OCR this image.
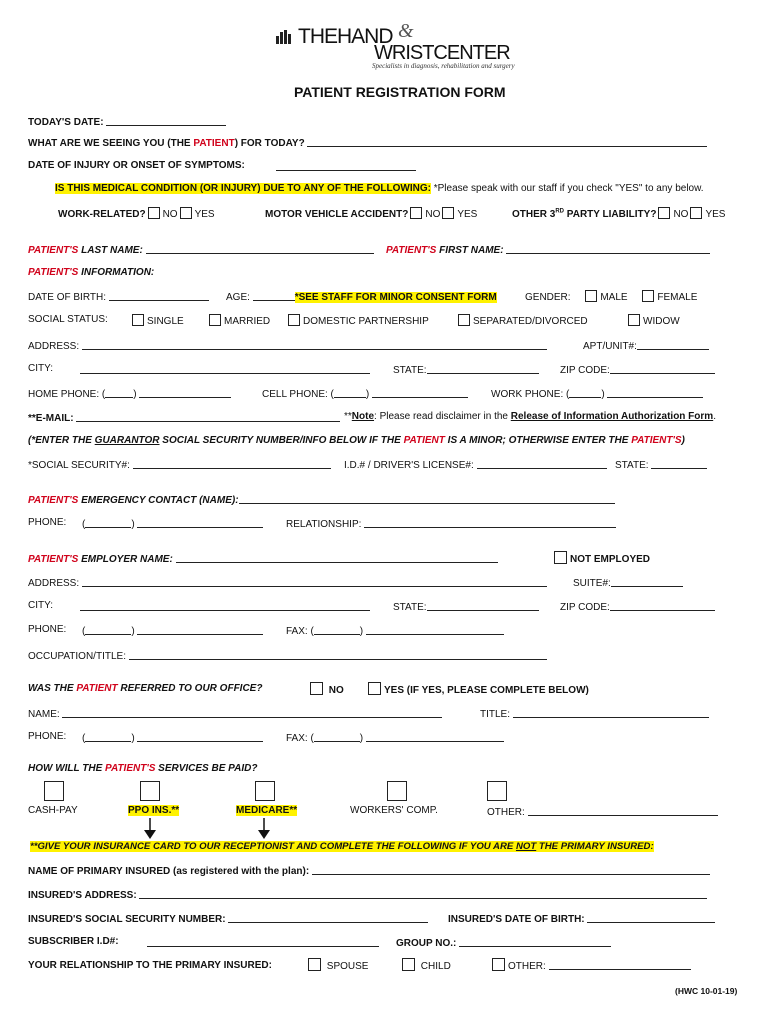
THEHAND &
WRISTCENTER
Specialists in diagnosis, rehabilitation and surgery
PATIENT REGISTRATION FORM
TODAY'S DATE:
WHAT ARE WE SEEING YOU (THE PATIENT) FOR TODAY?
DATE OF INJURY OR ONSET OF SYMPTOMS:
IS THIS MEDICAL CONDITION (OR INJURY) DUE TO ANY OF THE FOLLOWING: *Please speak with our staff if you check "YES" to any below.
WORK-RELATED? NO YES	MOTOR VEHICLE ACCIDENT? NO YES	OTHER 3RD PARTY LIABILITY? NO YES
PATIENT'S LAST NAME:	PATIENT'S FIRST NAME:
PATIENT'S INFORMATION:
DATE OF BIRTH:	AGE:	*SEE STAFF FOR MINOR CONSENT FORM	GENDER:	MALE	FEMALE
SOCIAL STATUS:	SINGLE	MARRIED	DOMESTIC PARTNERSHIP	SEPARATED/DIVORCED	WIDOW
ADDRESS:	APT/UNIT#:
CITY:	STATE:	ZIP CODE:
HOME PHONE: (	)	CELL PHONE: (	)	WORK PHONE: (	)
**E-MAIL:	**Note: Please read disclaimer in the Release of Information Authorization Form.
(*ENTER THE GUARANTOR SOCIAL SECURITY NUMBER/INFO BELOW IF THE PATIENT IS A MINOR; OTHERWISE ENTER THE PATIENT'S)
*SOCIAL SECURITY#:	I.D.# / DRIVER'S LICENSE#:	STATE:
PATIENT'S EMERGENCY CONTACT (NAME):
PHONE: (	)	RELATIONSHIP:
PATIENT'S EMPLOYER NAME:	NOT EMPLOYED
ADDRESS:	SUITE#:
CITY:	STATE:	ZIP CODE:
PHONE: (	)	FAX: (	)
OCCUPATION/TITLE:
WAS THE PATIENT REFERRED TO OUR OFFICE?	NO	YES (IF YES, PLEASE COMPLETE BELOW)
NAME:	TITLE:
PHONE: (	)	FAX: (	)
HOW WILL THE PATIENT'S SERVICES BE PAID?
CASH-PAY	PPO INS.**	MEDICARE**	WORKERS' COMP.	OTHER:
**GIVE YOUR INSURANCE CARD TO OUR RECEPTIONIST AND COMPLETE THE FOLLOWING IF YOU ARE NOT THE PRIMARY INSURED:
NAME OF PRIMARY INSURED (as registered with the plan):
INSURED'S ADDRESS:
INSURED'S SOCIAL SECURITY NUMBER:	INSURED'S DATE OF BIRTH:
SUBSCRIBER I.D#:	GROUP NO.:
YOUR RELATIONSHIP TO THE PRIMARY INSURED:	SPOUSE	CHILD	OTHER:
(HWC 10-01-19)
